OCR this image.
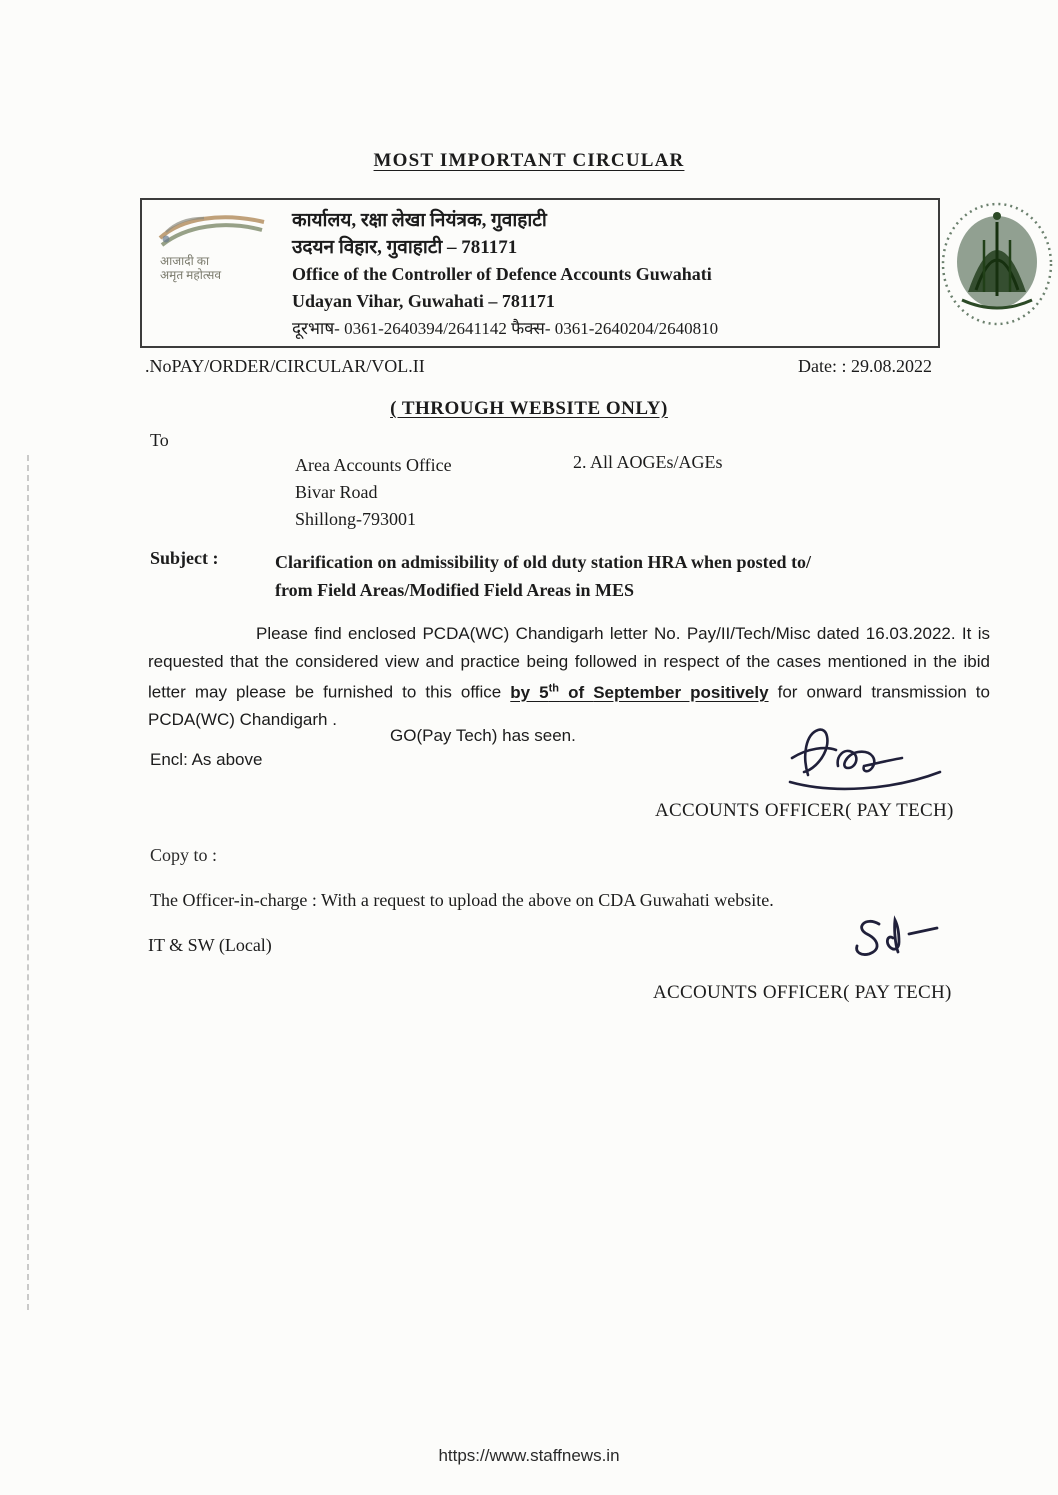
MOST IMPORTANT CIRCULAR
आजादी का
अमृत महोत्सव
कार्यालय, रक्षा लेखा नियंत्रक, गुवाहाटी
उदयन विहार, गुवाहाटी – 781171
Office of the Controller of Defence Accounts Guwahati
Udayan Vihar, Guwahati – 781171
दूरभाष- 0361-2640394/2641142 फैक्स- 0361-2640204/2640810
.NoPAY/ORDER/CIRCULAR/VOL.II	Date: : 29.08.2022
( THROUGH WEBSITE ONLY)
To
Area Accounts Office
Bivar Road
Shillong-793001
2. All AOGEs/AGEs
Subject :	Clarification on admissibility of old duty station HRA when posted to/
from Field Areas/Modified Field Areas in MES

Please find enclosed PCDA(WC) Chandigarh letter No. Pay/II/Tech/Misc dated 16.03.2022. It is requested that the considered view and practice being followed in respect of the cases mentioned in the ibid letter may please be furnished to this office by 5th of September positively for onward transmission to PCDA(WC) Chandigarh .

GO(Pay Tech) has seen.
Encl: As above
ACCOUNTS OFFICER( PAY TECH)
Copy to :
The Officer-in-charge : With a request to upload the above on CDA Guwahati website.
IT & SW (Local)
ACCOUNTS OFFICER( PAY TECH)
https://www.staffnews.in
